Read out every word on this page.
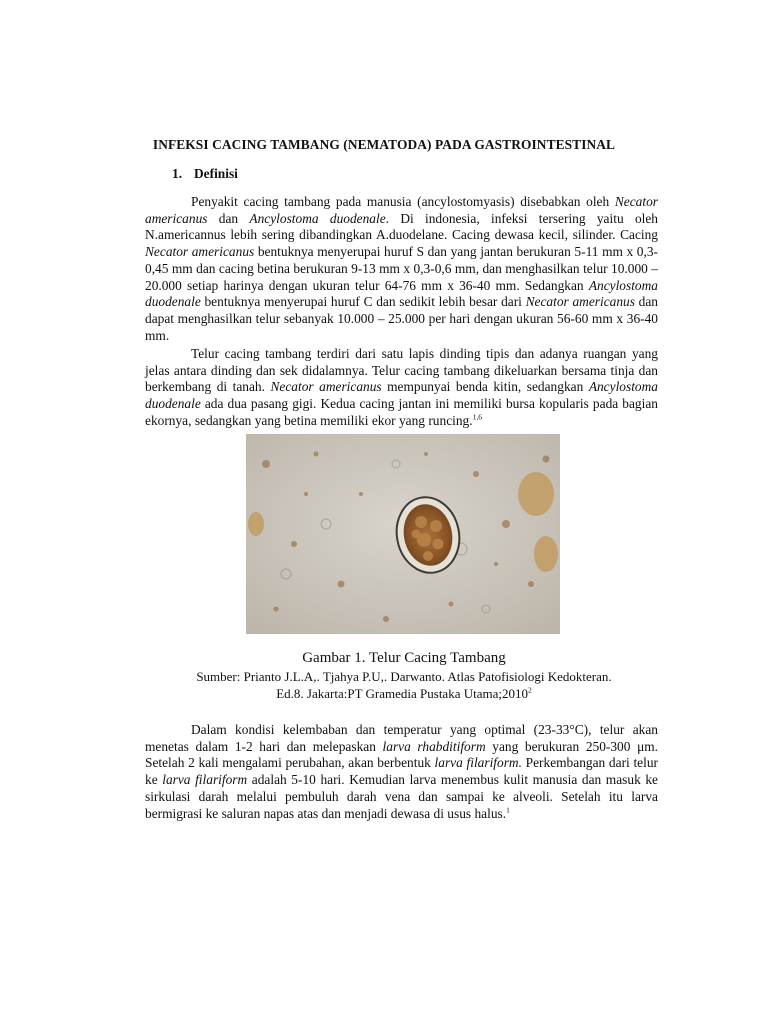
INFEKSI CACING TAMBANG (NEMATODA) PADA GASTROINTESTINAL
1. Definisi

Penyakit cacing tambang pada manusia (ancylostomyasis) disebabkan oleh Necator americanus dan Ancylostoma duodenale. Di indonesia, infeksi tersering yaitu oleh N.americannus lebih sering dibandingkan A.duodelane. Cacing dewasa kecil, silinder. Cacing Necator americanus bentuknya menyerupai huruf S dan yang jantan berukuran 5-11 mm x 0,3-0,45 mm dan cacing betina berukuran 9-13 mm x 0,3-0,6 mm, dan menghasilkan telur 10.000 – 20.000 setiap harinya dengan ukuran telur 64-76 mm x 36-40 mm. Sedangkan Ancylostoma duodenale bentuknya menyerupai huruf C dan sedikit lebih besar dari Necator americanus dan dapat menghasilkan telur sebanyak 10.000 – 25.000 per hari dengan ukuran 56-60 mm x 36-40 mm.

Telur cacing tambang terdiri dari satu lapis dinding tipis dan adanya ruangan yang jelas antara dinding dan sek didalamnya. Telur cacing tambang dikeluarkan bersama tinja dan berkembang di tanah. Necator americanus mempunyai benda kitin, sedangkan Ancylostoma duodenale ada dua pasang gigi. Kedua cacing jantan ini memiliki bursa kopularis pada bagian ekornya, sedangkan yang betina memiliki ekor yang runcing.$^{1,6}$

Gambar 1. Telur Cacing Tambang

Sumber: Prianto J.L.A,. Tjahya P.U,. Darwanto. Atlas Patofisiologi Kedokteran.
Ed.8. Jakarta:PT Gramedia Pustaka Utama;2010$^2$

Dalam kondisi kelembaban dan temperatur yang optimal (23-33°C), telur akan menetas dalam 1-2 hari dan melepaskan larva rhabditiform yang berukuran 250-300 μm. Setelah 2 kali mengalami perubahan, akan berbentuk larva filariform. Perkembangan dari telur ke larva filariform adalah 5-10 hari. Kemudian larva menembus kulit manusia dan masuk ke sirkulasi darah melalui pembuluh darah vena dan sampai ke alveoli. Setelah itu larva bermigrasi ke saluran napas atas dan menjadi dewasa di usus halus.$^1$
